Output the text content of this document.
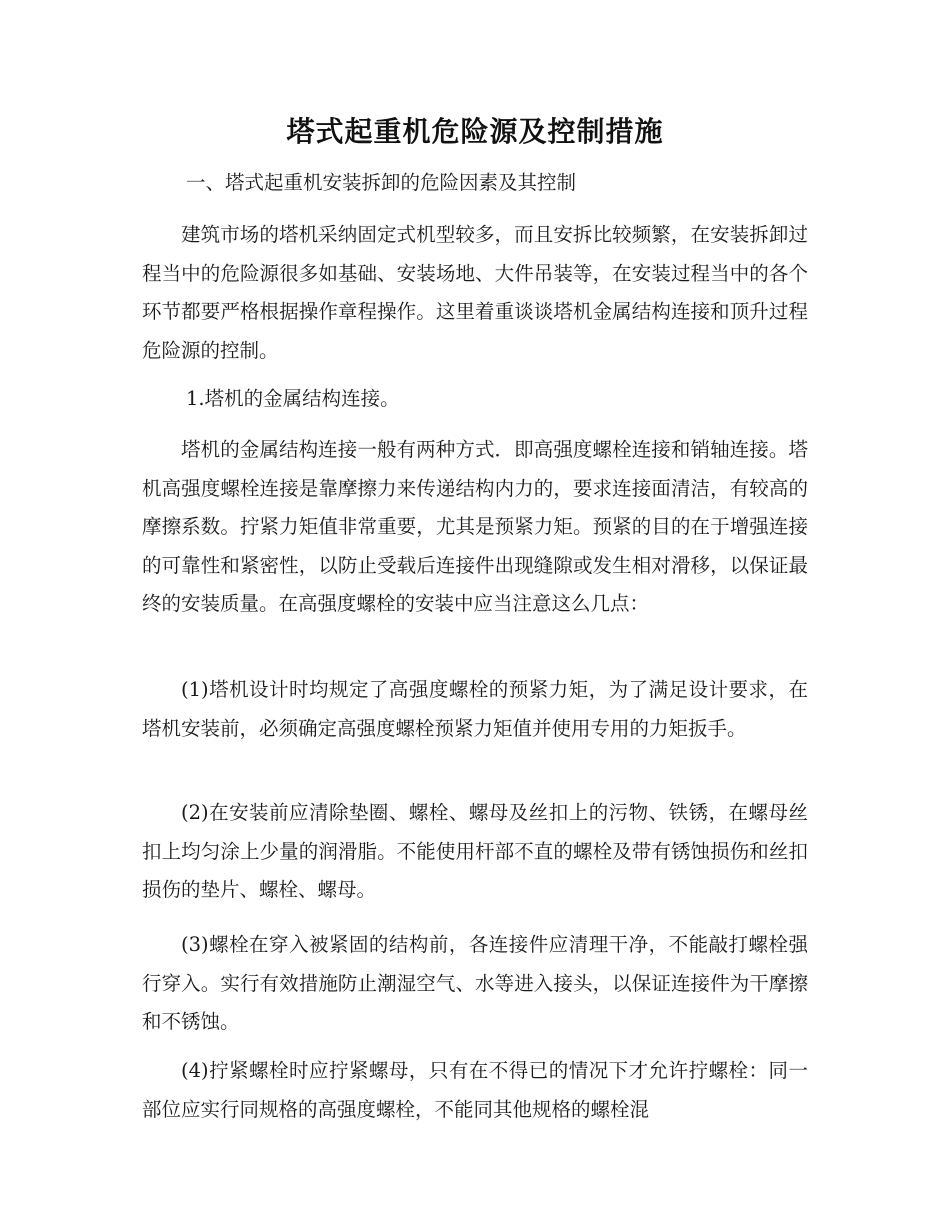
塔式起重机危险源及控制措施

一、塔式起重机安装拆卸的危险因素及其控制

建筑市场的塔机采纳固定式机型较多，而且安拆比较频繁，在安装拆卸过程当中的危险源很多如基础、安装场地、大件吊装等，在安装过程当中的各个环节都要严格根据操作章程操作。这里着重谈谈塔机金属结构连接和顶升过程危险源的控制。

1.塔机的金属结构连接。

塔机的金属结构连接一般有两种方式．即高强度螺栓连接和销轴连接。塔机高强度螺栓连接是靠摩擦力来传递结构内力的，要求连接面清洁，有较高的摩擦系数。拧紧力矩值非常重要，尤其是预紧力矩。预紧的目的在于增强连接的可靠性和紧密性，以防止受载后连接件出现缝隙或发生相对滑移，以保证最终的安装质量。在高强度螺栓的安装中应当注意这么几点：

(1)塔机设计时均规定了高强度螺栓的预紧力矩，为了满足设计要求，在塔机安装前，必须确定高强度螺栓预紧力矩值并使用专用的力矩扳手。

(2)在安装前应清除垫圈、螺栓、螺母及丝扣上的污物、铁锈，在螺母丝扣上均匀涂上少量的润滑脂。不能使用杆部不直的螺栓及带有锈蚀损伤和丝扣损伤的垫片、螺栓、螺母。

(3)螺栓在穿入被紧固的结构前，各连接件应清理干净，不能敲打螺栓强行穿入。实行有效措施防止潮湿空气、水等进入接头，以保证连接件为干摩擦和不锈蚀。

(4)拧紧螺栓时应拧紧螺母，只有在不得已的情况下才允许拧螺栓：同一部位应实行同规格的高强度螺栓，不能同其他规格的螺栓混
